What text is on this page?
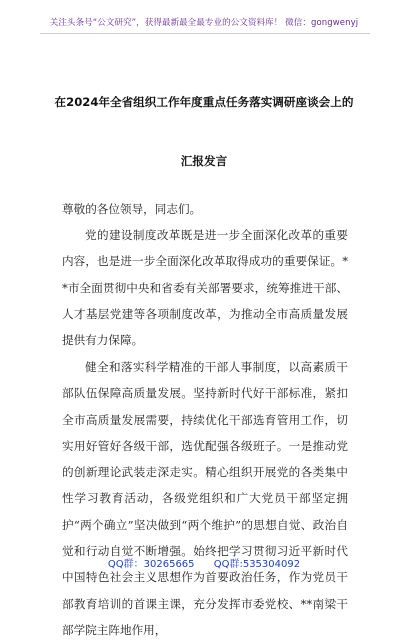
关注头条号“公文研究”，获得最新最全最专业的公文资料库！ 微信：gongwenyj
在2024年全省组织工作年度重点任务落实调研座谈会上的
汇报发言
尊敬的各位领导，同志们。
党的建设制度改革既是进一步全面深化改革的重要内容，也是进一步全面深化改革取得成功的重要保证。**市全面贯彻中央和省委有关部署要求，统筹推进干部、人才基层党建等各项制度改革，为推动全市高质量发展提供有力保障。
健全和落实科学精准的干部人事制度，以高素质干部队伍保障高质量发展。坚持新时代好干部标准，紧扣全市高质量发展需要，持续优化干部选育管用工作，切实用好管好各级干部，选优配强各级班子。一是推动党的创新理论武装走深走实。精心组织开展党的各类集中性学习教育活动，各级党组织和广大党员干部坚定拥护“两个确立”坚决做到“两个维护”的思想自觉、政治自觉和行动自觉不断增强。始终把学习贯彻习近平新时代中国特色社会主义思想作为首要政治任务，作为党员干部教育培训的首课主课，充分发挥市委党校、**南梁干部学院主阵地作用，
QQ群：30265665 QQ群:535304092
